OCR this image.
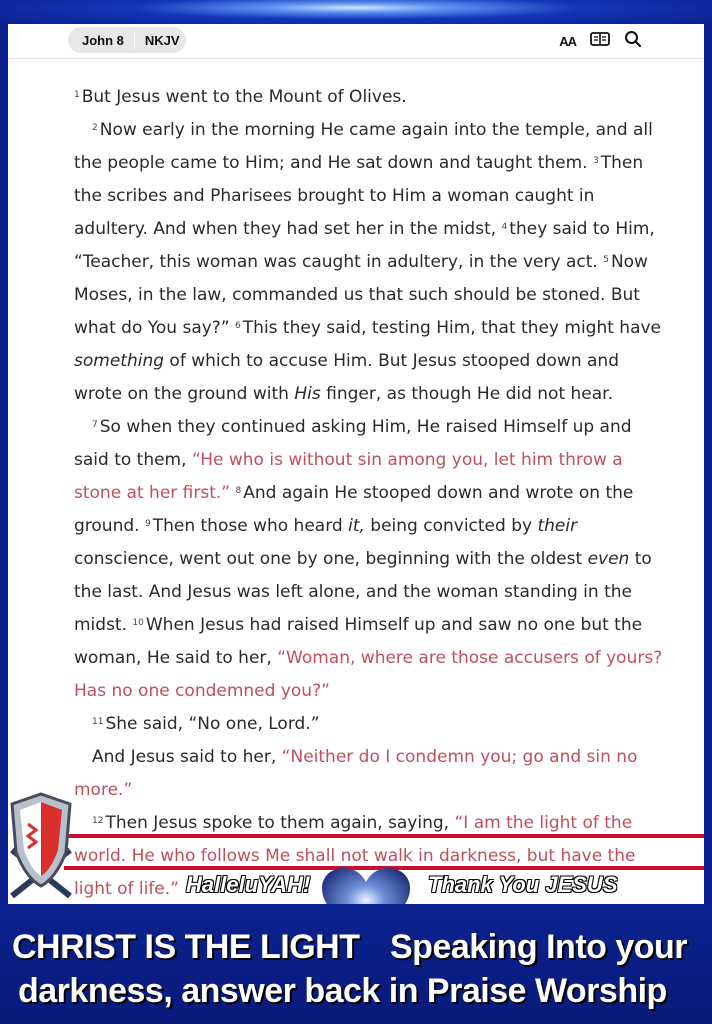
John 8 NKJV	AA

$^1$ But Jesus went to the Mount of Olives.

$^2$ Now early in the morning He came again into the temple, and all the people came to Him; and He sat down and taught them. $^3$ Then the scribes and Pharisees brought to Him a woman caught in adultery. And when they had set her in the midst, $^4$ they said to Him, “Teacher, this woman was caught in adultery, in the very act. $^5$ Now Moses, in the law, commanded us that such should be stoned. But what do You say?” $^6$ This they said, testing Him, that they might have something of which to accuse Him. But Jesus stooped down and wrote on the ground with His finger, as though He did not hear.

$^7$ So when they continued asking Him, He raised Himself up and said to them, “He who is without sin among you, let him throw a stone at her first.” $^8$ And again He stooped down and wrote on the ground. $^9$ Then those who heard it, being convicted by their conscience, went out one by one, beginning with the oldest even to the last. And Jesus was left alone, and the woman standing in the midst. $^{10}$ When Jesus had raised Himself up and saw no one but the woman, He said to her, “Woman, where are those accusers of yours? Has no one condemned you?”

$^{11}$ She said, “No one, Lord.”

And Jesus said to her, “Neither do I condemn you; go and sin no more.”

$^{12}$ Then Jesus spoke to them again, saying, “I am the light of the world. He who follows Me shall not walk in darkness, but have the light of life.” HalleluYAH!	Thank You JESUS
CHRIST IS THE LIGHT Speaking Into your
darkness, answer back in Praise Worship
